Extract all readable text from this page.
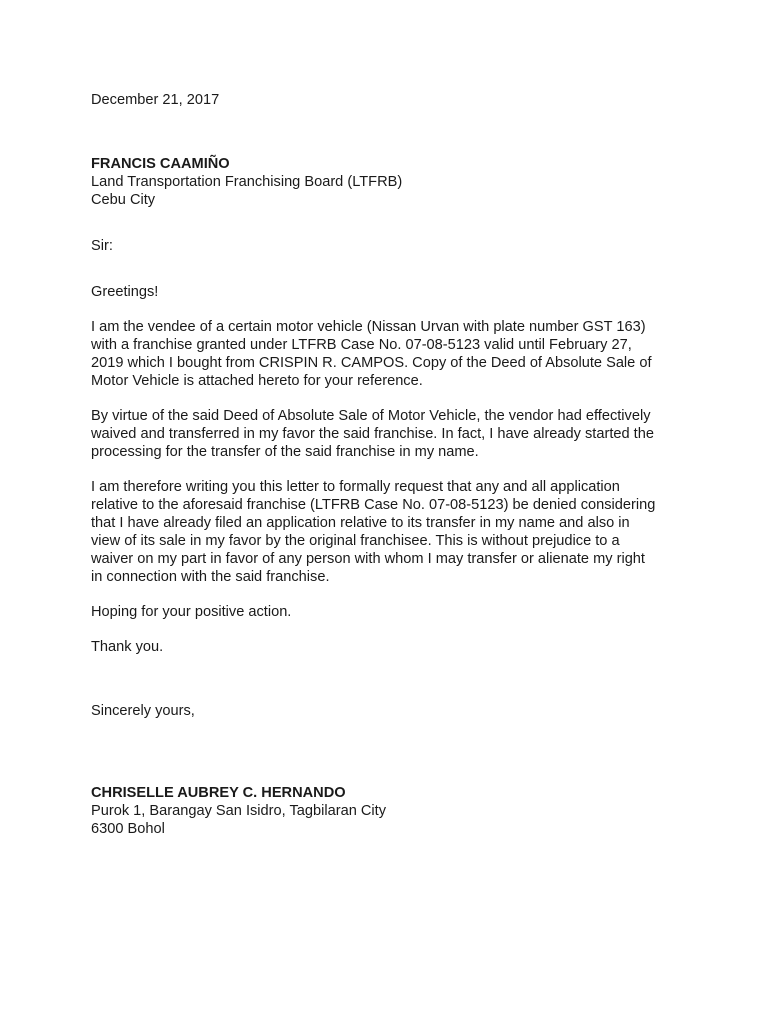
December 21, 2017
FRANCIS CAAMIÑO
Land Transportation Franchising Board (LTFRB)
Cebu City
Sir:
Greetings!

I am the vendee of a certain motor vehicle (Nissan Urvan with plate number GST 163)
with a franchise granted under LTFRB Case No. 07-08-5123 valid until February 27,
2019 which I bought from CRISPIN R. CAMPOS. Copy of the Deed of Absolute Sale of
Motor Vehicle is attached hereto for your reference.

By virtue of the said Deed of Absolute Sale of Motor Vehicle, the vendor had effectively
waived and transferred in my favor the said franchise. In fact, I have already started the
processing for the transfer of the said franchise in my name.

I am therefore writing you this letter to formally request that any and all application
relative to the aforesaid franchise (LTFRB Case No. 07-08-5123) be denied considering
that I have already filed an application relative to its transfer in my name and also in
view of its sale in my favor by the original franchisee. This is without prejudice to a
waiver on my part in favor of any person with whom I may transfer or alienate my right
in connection with the said franchise.

Hoping for your positive action.
Thank you.
Sincerely yours,
CHRISELLE AUBREY C. HERNANDO
Purok 1, Barangay San Isidro, Tagbilaran City
6300 Bohol
